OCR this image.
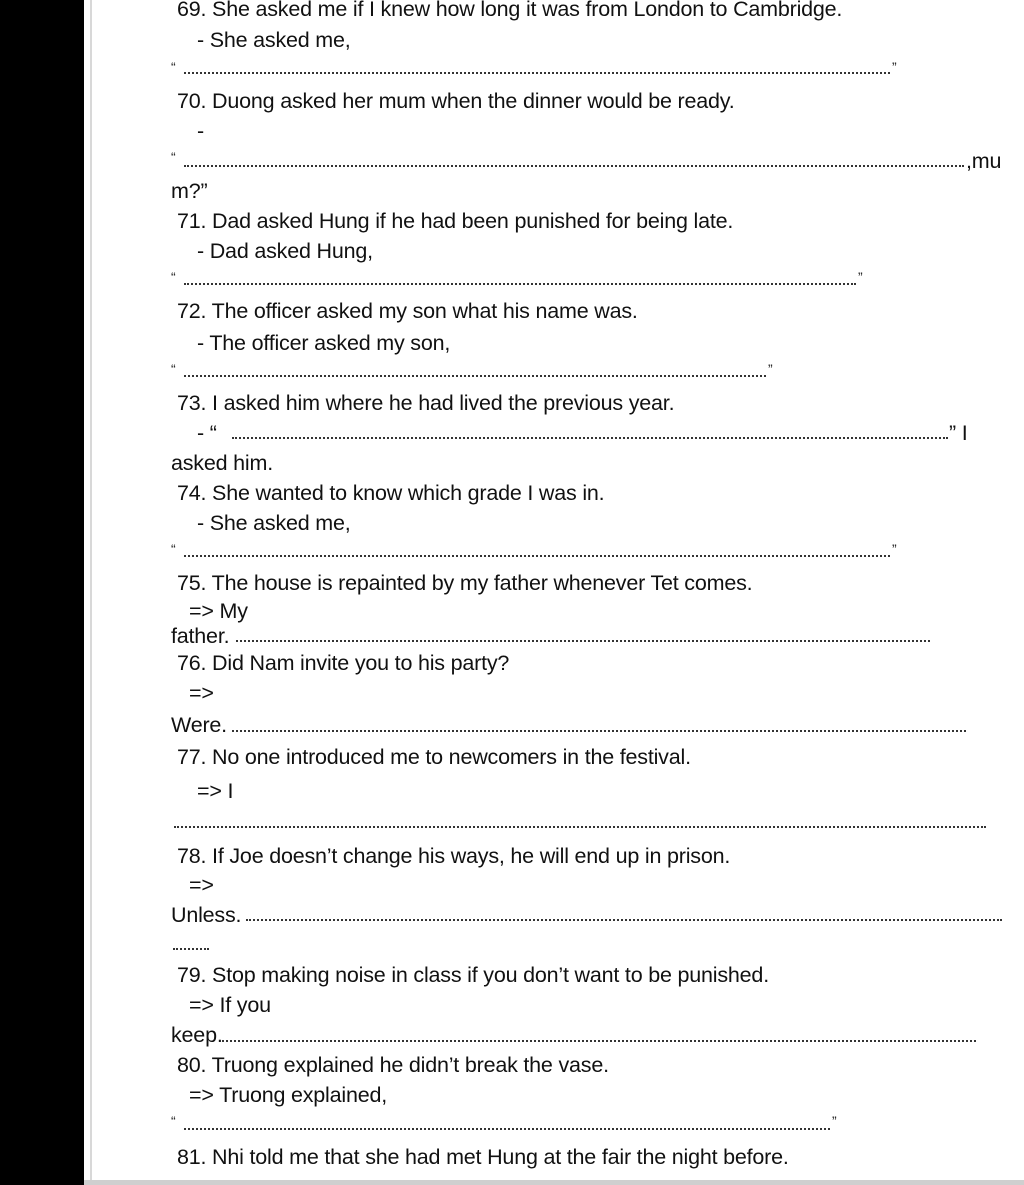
69. She asked me if I knew how long it was from London to Cambridge.
- She asked me,
“	”
70. Duong asked her mum when the dinner would be ready.
-
“	,mu
m?”
71. Dad asked Hung if he had been punished for being late.
- Dad asked Hung,
“	”
72. The officer asked my son what his name was.
- The officer asked my son,
“	”
73. I asked him where he had lived the previous year.
- “	” I
asked him.
74. She wanted to know which grade I was in.
- She asked me,
“	”
75. The house is repainted by my father whenever Tet comes.
=> My
father.
76. Did Nam invite you to his party?
=>
Were.
77. No one introduced me to newcomers in the festival.
=> I
78. If Joe doesn’t change his ways, he will end up in prison.
=>
Unless.
79. Stop making noise in class if you don’t want to be punished.
=> If you
keep.
80. Truong explained he didn’t break the vase.
=> Truong explained,
“	”
81. Nhi told me that she had met Hung at the fair the night before.
